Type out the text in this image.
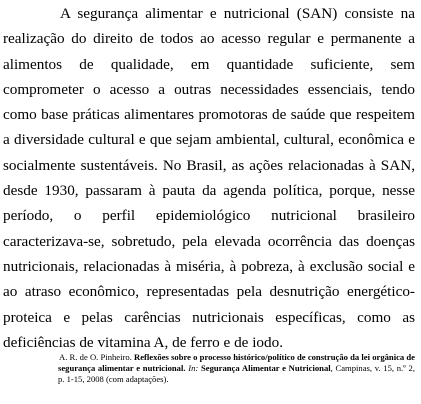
A segurança alimentar e nutricional (SAN) consiste na realização do direito de todos ao acesso regular e permanente a alimentos de qualidade, em quantidade suficiente, sem comprometer o acesso a outras necessidades essenciais, tendo como base práticas alimentares promotoras de saúde que respeitem a diversidade cultural e que sejam ambiental, cultural, econômica e socialmente sustentáveis. No Brasil, as ações relacionadas à SAN, desde 1930, passaram à pauta da agenda política, porque, nesse período, o perfil epidemiológico nutricional brasileiro caracterizava-se, sobretudo, pela elevada ocorrência das doenças nutricionais, relacionadas à miséria, à pobreza, à exclusão social e ao atraso econômico, representadas pela desnutrição energético-proteica e pelas carências nutricionais específicas, como as deficiências de vitamina A, de ferro e de iodo.

A. R. de O. Pinheiro. Reflexões sobre o processo histórico/político de construção da lei orgânica de segurança alimentar e nutricional. In: Segurança Alimentar e Nutricional, Campinas, v. 15, n.º 2, p. 1-15, 2008 (com adaptações).
